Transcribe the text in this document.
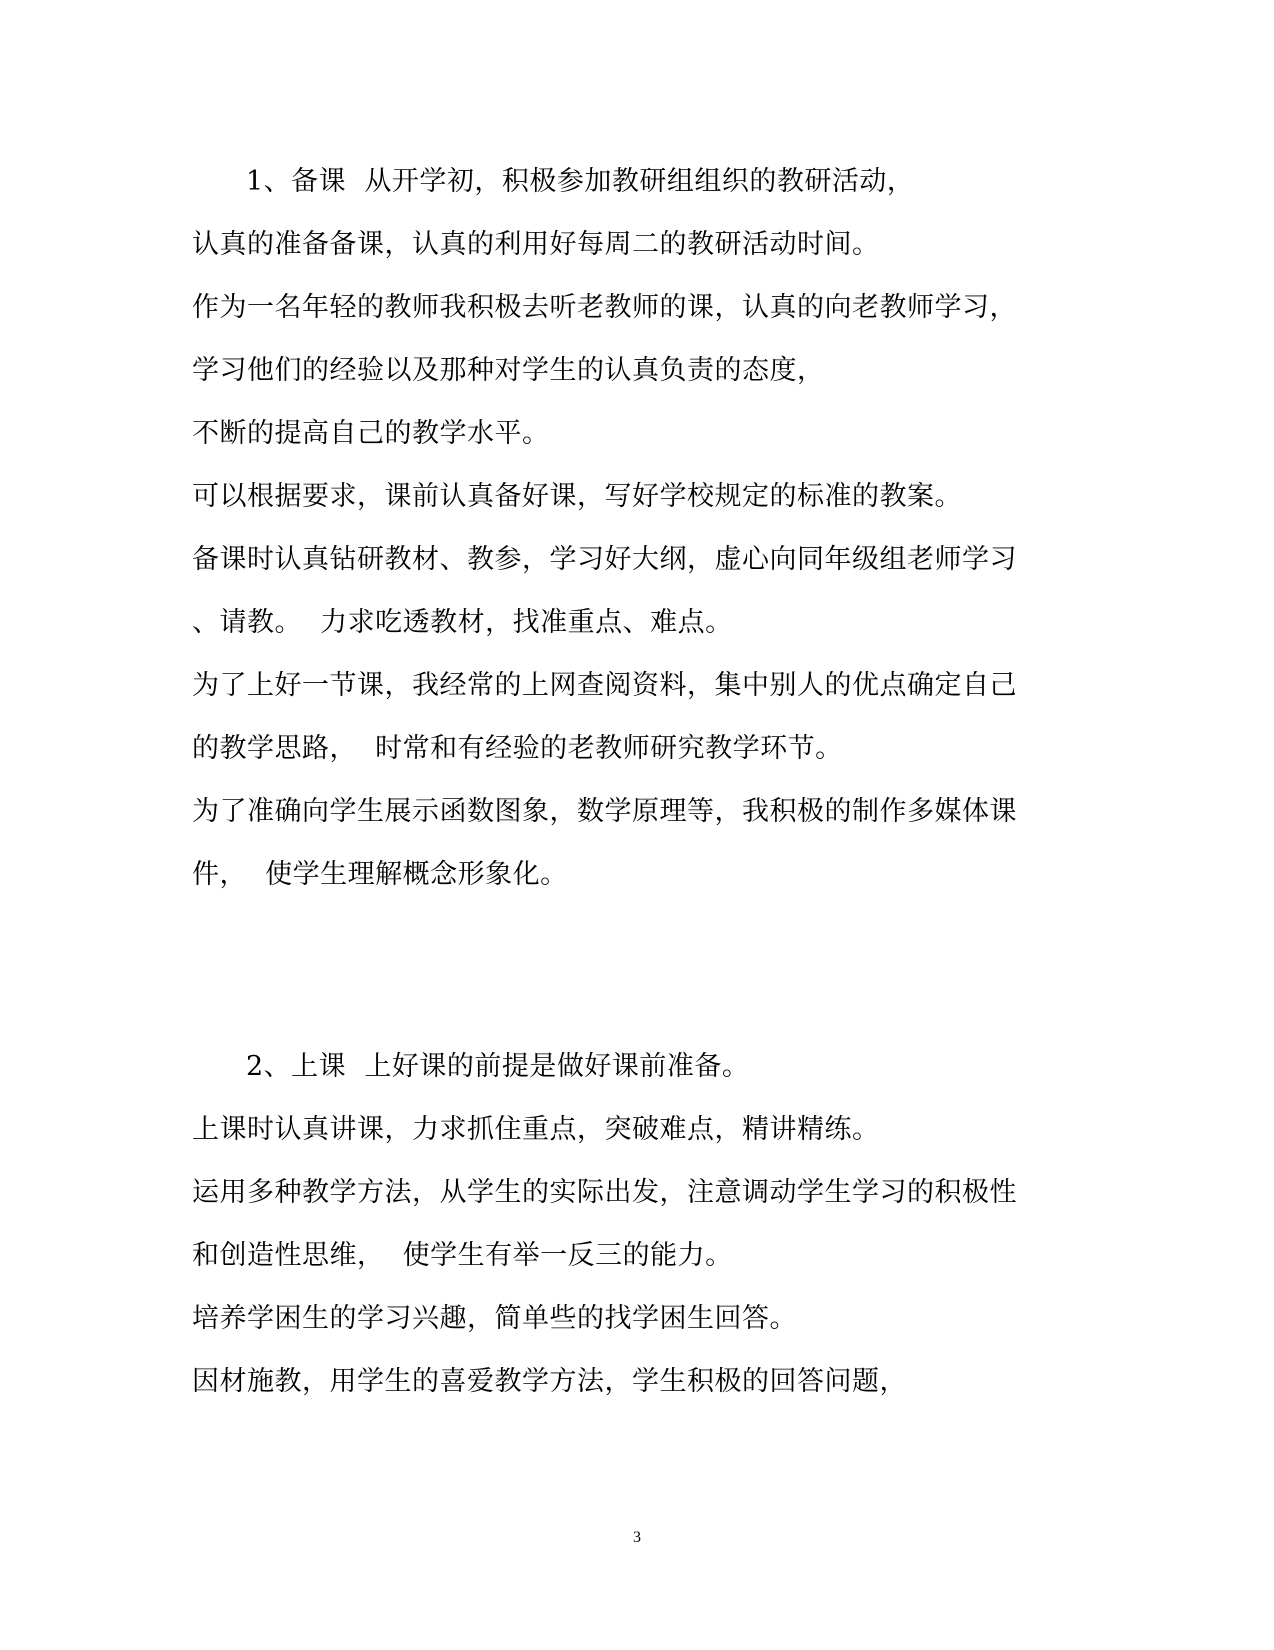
1、备课  从开学初，积极参加教研组组织的教研活动，
认真的准备备课，认真的利用好每周二的教研活动时间。
作为一名年轻的教师我积极去听老教师的课，认真的向老教师学习，
学习他们的经验以及那种对学生的认真负责的态度，
不断的提高自己的教学水平。
可以根据要求，课前认真备好课，写好学校规定的标准的教案。
备课时认真钻研教材、教参，学习好大纲，虚心向同年级组老师学习
、请教。  力求吃透教材，找准重点、难点。
为了上好一节课，我经常的上网查阅资料，集中别人的优点确定自己
的教学思路，  时常和有经验的老教师研究教学环节。
为了准确向学生展示函数图象，数学原理等，我积极的制作多媒体课
件，  使学生理解概念形象化。
2、上课  上好课的前提是做好课前准备。
上课时认真讲课，力求抓住重点，突破难点，精讲精练。
运用多种教学方法，从学生的实际出发，注意调动学生学习的积极性
和创造性思维，  使学生有举一反三的能力。
培养学困生的学习兴趣，简单些的找学困生回答。
因材施教，用学生的喜爱教学方法，学生积极的回答问题，
3
